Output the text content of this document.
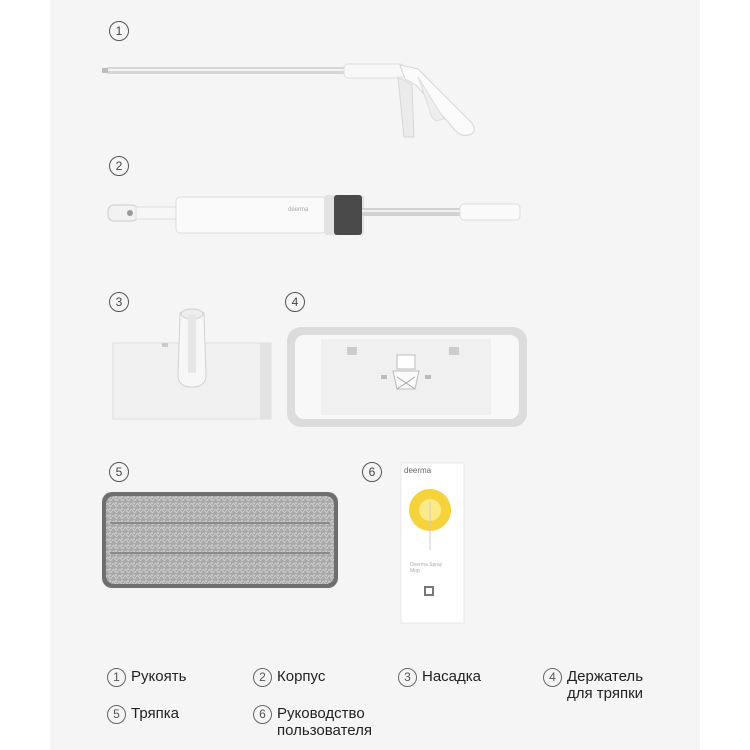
1
2
deerma
3	4
5	6	deerma
Deerma Spray Mop
1 Рукоять	2 Корпус	3 Насадка	4 Держатель для тряпки
5 Тряпка	6 Руководство пользователя
